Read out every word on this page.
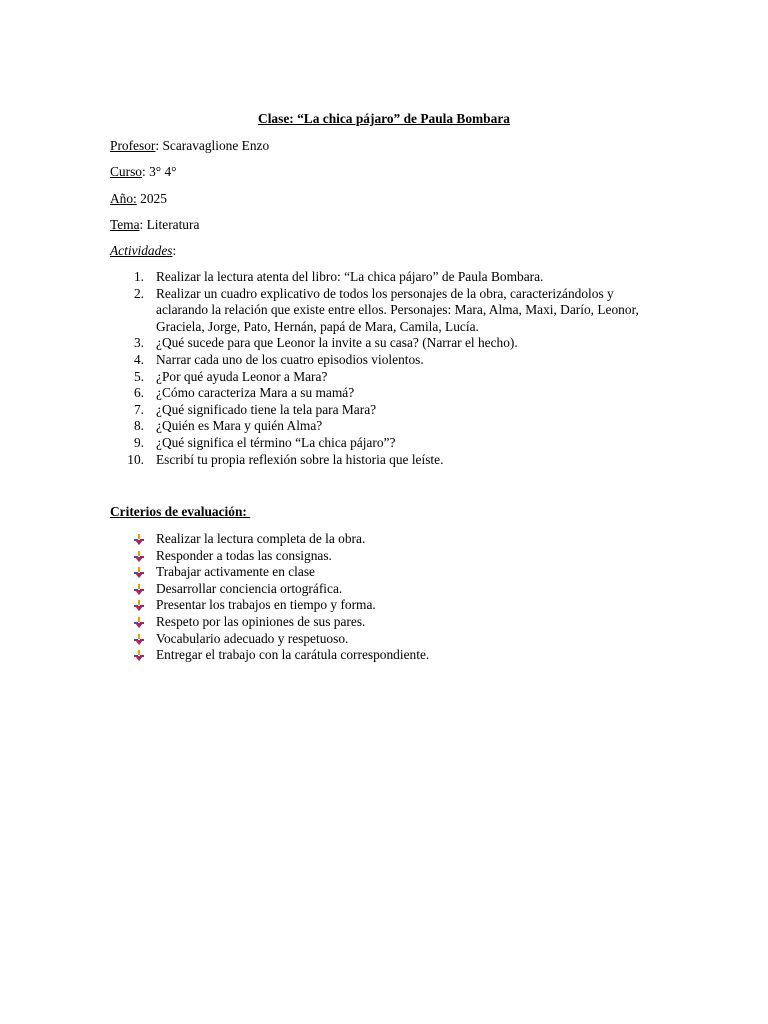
Clase: “La chica pájaro” de Paula Bombara

Profesor: Scaravaglione Enzo

Curso: 3° 4°

Año: 2025

Tema: Literatura

Actividades:

1. Realizar la lectura atenta del libro: “La chica pájaro” de Paula Bombara.
2. Realizar un cuadro explicativo de todos los personajes de la obra, caracterizándolos y aclarando la relación que existe entre ellos. Personajes: Mara, Alma, Maxi, Darío, Leonor, Graciela, Jorge, Pato, Hernán, papá de Mara, Camila, Lucía.
3. ¿Qué sucede para que Leonor la invite a su casa? (Narrar el hecho).
4. Narrar cada uno de los cuatro episodios violentos.
5. ¿Por qué ayuda Leonor a Mara?
6. ¿Cómo caracteriza Mara a su mamá?
7. ¿Qué significado tiene la tela para Mara?
8. ¿Quién es Mara y quién Alma?
9. ¿Qué significa el término “La chica pájaro”?
10. Escribí tu propia reflexión sobre la historia que leíste.

Criterios de evaluación:

Realizar la lectura completa de la obra.
Responder a todas las consignas.
Trabajar activamente en clase
Desarrollar conciencia ortográfica.
Presentar los trabajos en tiempo y forma.
Respeto por las opiniones de sus pares.
Vocabulario adecuado y respetuoso.
Entregar el trabajo con la carátula correspondiente.
